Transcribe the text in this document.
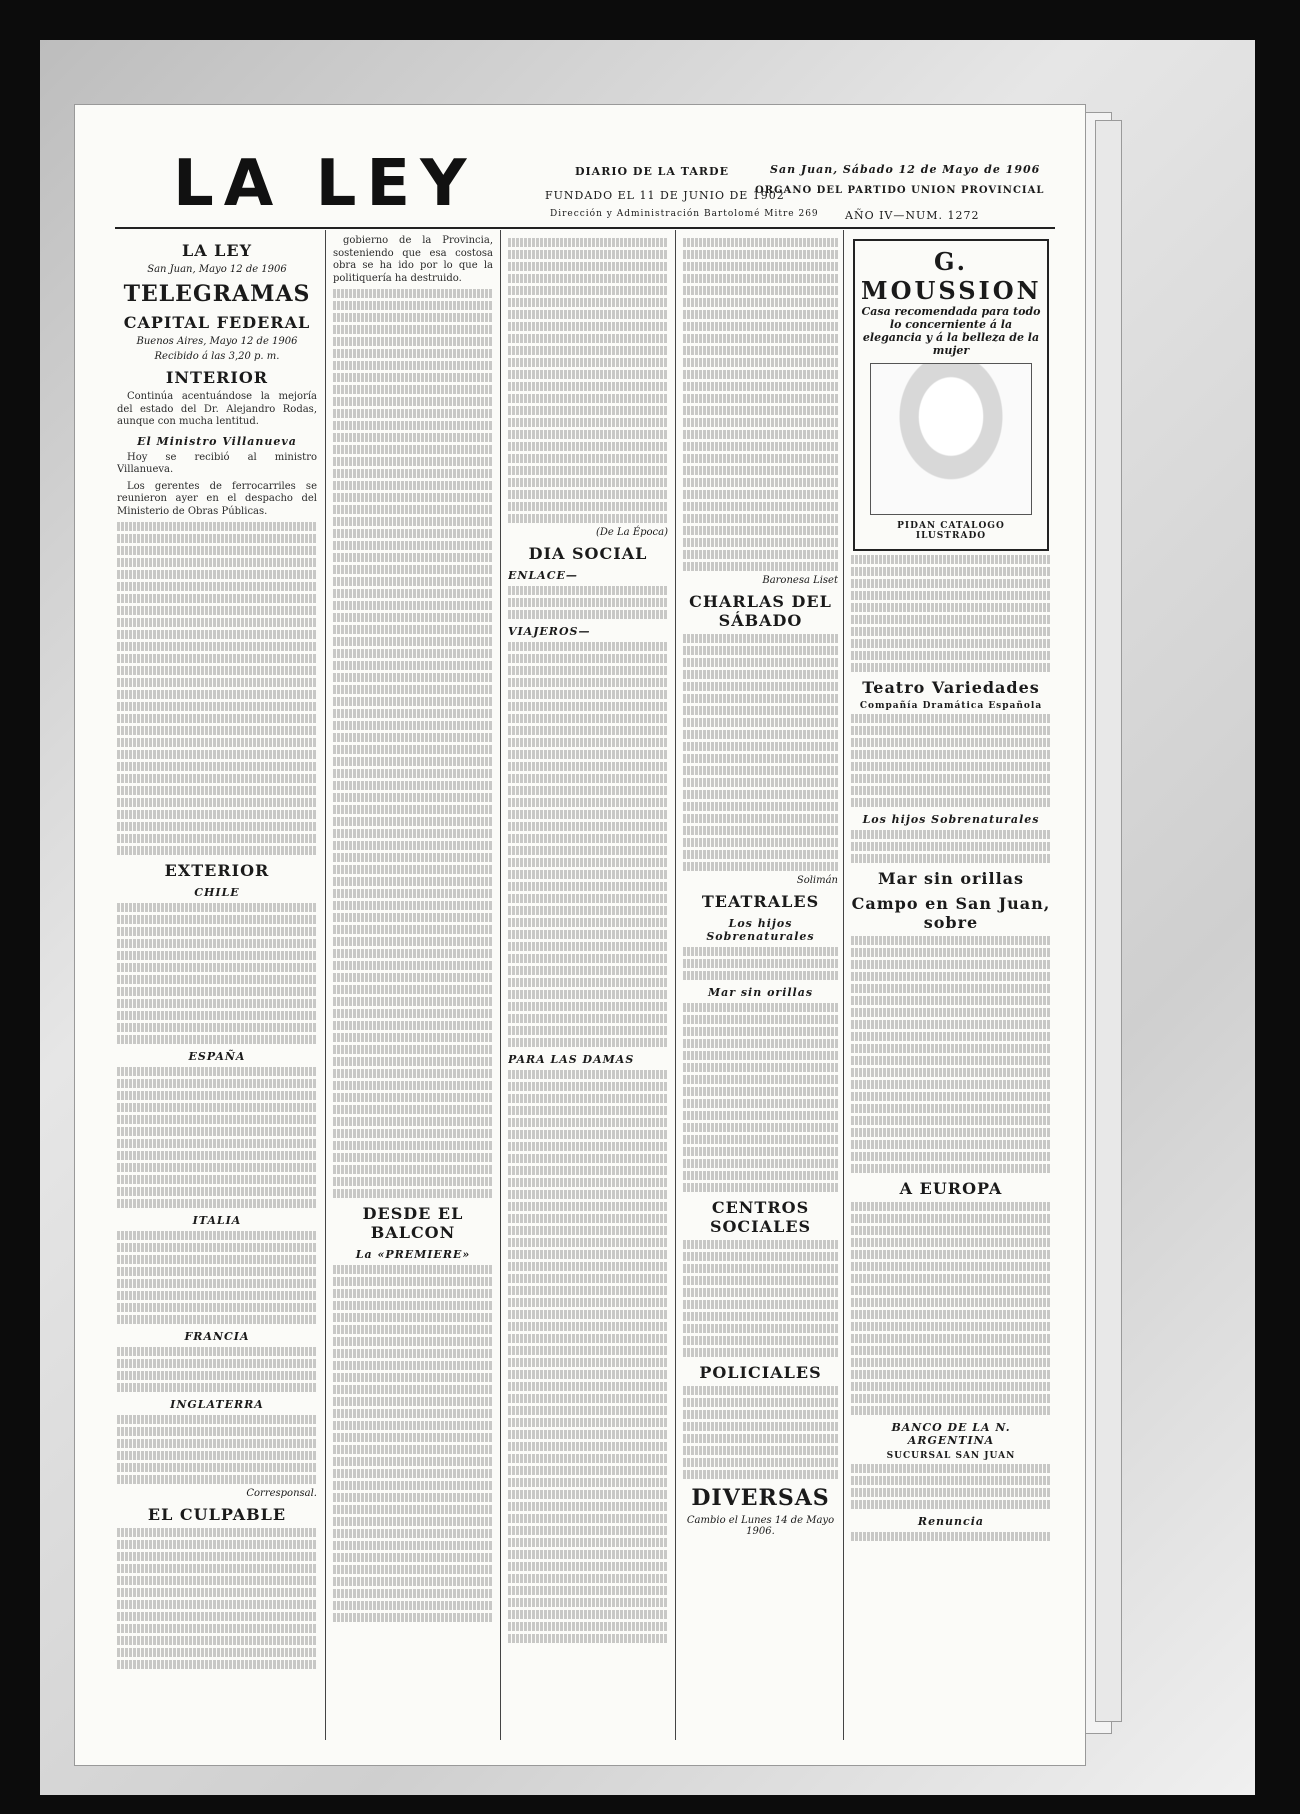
LA LEY	DIARIO DE LA TARDE
FUNDADO EL 11 DE JUNIO DE 1902
Dirección y Administración Bartolomé Mitre 269
San Juan, Sábado 12 de Mayo de 1906
ORGANO DEL PARTIDO UNION PROVINCIAL
AÑO IV—NUM. 1272
LA LEY
San Juan, Mayo 12 de 1906
TELEGRAMAS
CAPITAL FEDERAL
Buenos Aires, Mayo 12 de 1906
Recibido á las 3,20 p. m.
INTERIOR

Continúa acentuándose la mejoría del estado del Dr. Alejandro Rodas, aunque con mucha lentitud.

El Ministro Villanueva

Hoy se recibió al ministro Villanueva.

Los gerentes de ferrocarriles se reunieron ayer en el despacho del Ministerio de Obras Públicas.

EXTERIOR
CHILE
ESPAÑA
ITALIA
FRANCIA
INGLATERRA
Corresponsal.
EL CULPABLE

gobierno de la Provincia, sosteniendo que esa costosa obra se ha ido por lo que la politiquería ha destruido.

DESDE EL BALCON
La «PREMIERE»
(De La Época)
DIA SOCIAL
ENLACE—
VIAJEROS—
PARA LAS DAMAS
Baronesa Liset
CHARLAS DEL SÁBADO
Solimán
TEATRALES
Los hijos Sobrenaturales
Mar sin orillas
CENTROS SOCIALES
POLICIALES
DIVERSAS
Cambio el Lunes 14 de Mayo 1906.
G. MOUSSION
Casa recomendada para todo lo concerniente á la elegancia y á la belleza de la mujer
PIDAN CATALOGO ILUSTRADO
Teatro Variedades
Compañía Dramática Española
Los hijos Sobrenaturales
Mar sin orillas
Campo en San Juan, sobre
A EUROPA
BANCO DE LA N. ARGENTINA
SUCURSAL SAN JUAN
Renuncia
